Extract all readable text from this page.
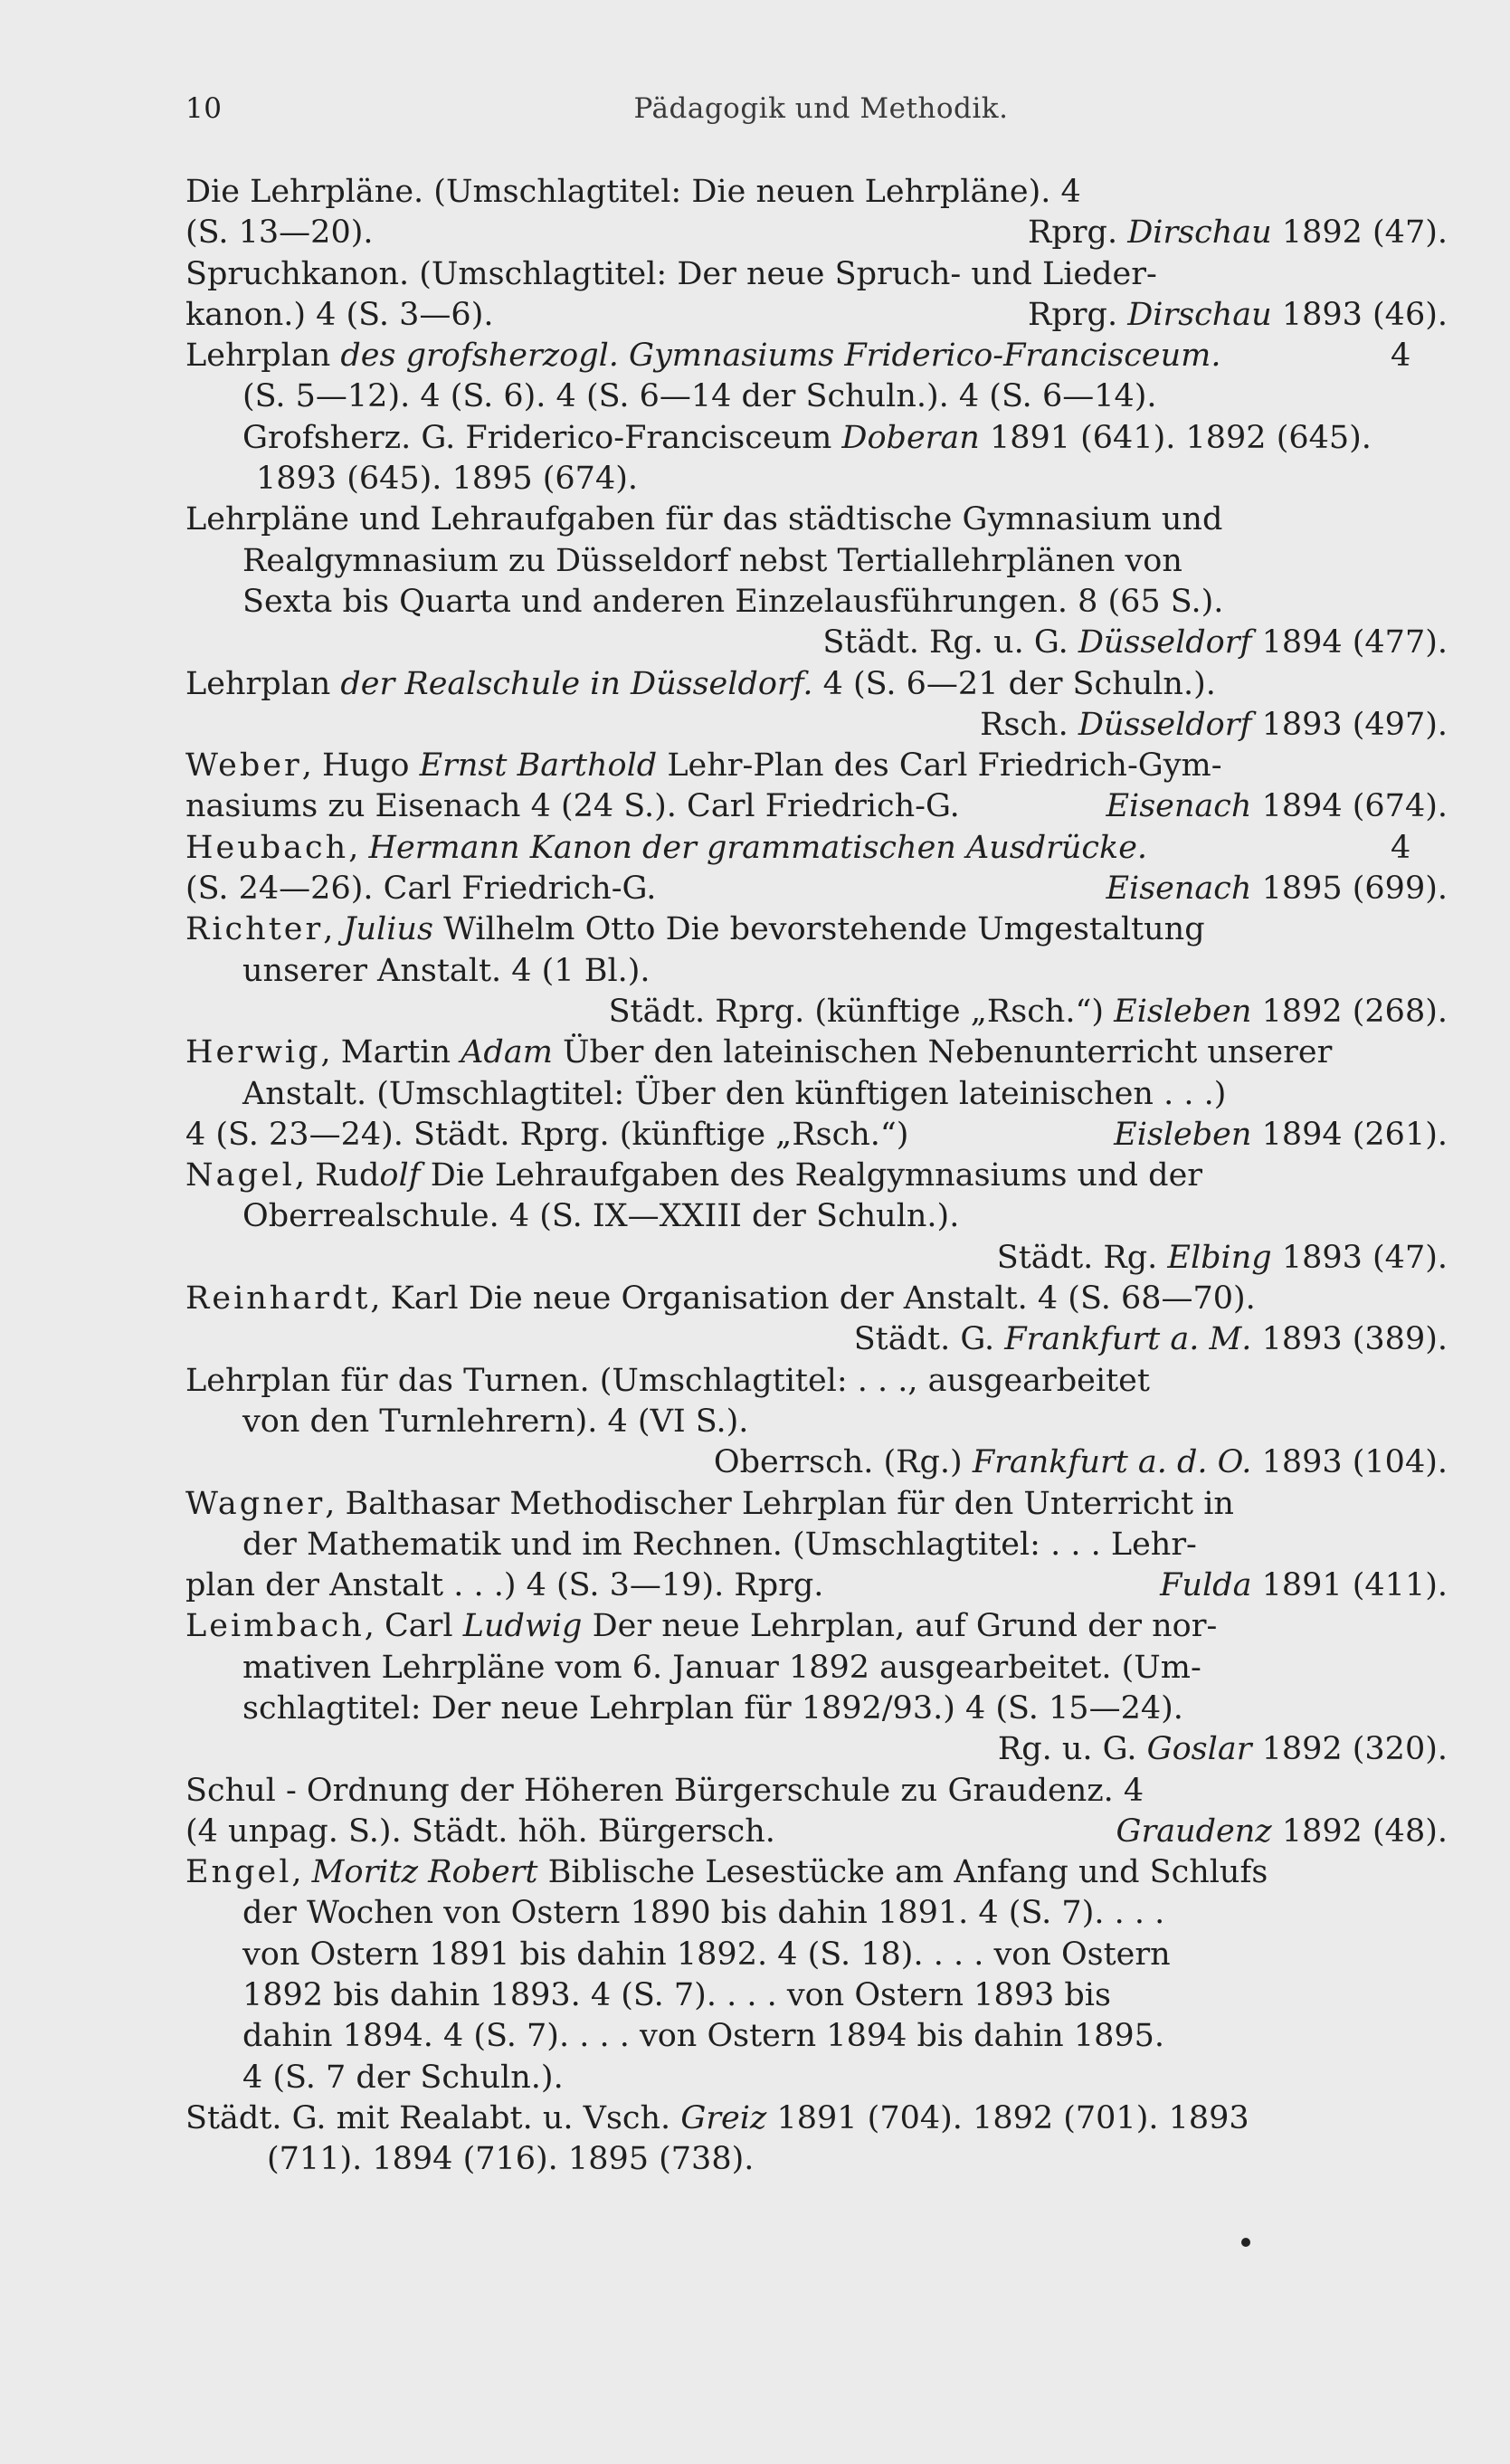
10	Pädagogik und Methodik.
Die Lehrpläne. (Umschlagtitel: Die neuen Lehrpläne). 4

(S. 13—20).	Rprg. Dirschau 1892 (47).
Spruchkanon. (Umschlagtitel: Der neue Spruch- und Lieder-

kanon.) 4 (S. 3—6).	Rprg. Dirschau 1893 (46).
Lehrplan des grofsherzogl. Gymnasiums Friderico-Franciscеum.	4
(S. 5—12). 4 (S. 6). 4 (S. 6—14 der Schuln.). 4 (S. 6—14).
Grofsherz. G. Friderico-Francisceum Doberan 1891 (641). 1892 (645).
1893 (645). 1895 (674).
Lehrpläne und Lehraufgaben für das städtische Gymnasium und
Realgymnasium zu Düsseldorf nebst Tertiallehrplänen von
Sexta bis Quarta und anderen Einzelausführungen. 8 (65 S.).
Städt. Rg. u. G. Düsseldorf 1894 (477).
Lehrplan der Realschule in Düsseldorf. 4 (S. 6—21 der Schuln.).
Rsch. Düsseldorf 1893 (497).
Weber, Hugo Ernst Barthold Lehr-Plan des Carl Friedrich-Gym-

nasiums zu Eisenach 4 (24 S.). Carl Friedrich-G.	Eisenach 1894 (674).
Heubach, Hermann Kanon der grammatischen Ausdrücke.	4
(S. 24—26). Carl Friedrich-G.	Eisenach 1895 (699).
Richter, Julius Wilhelm Otto Die bevorstehende Umgestaltung
unserer Anstalt. 4 (1 Bl.).
Städt. Rprg. (künftige „Rsch.“) Eisleben 1892 (268).
Herwig, Martin Adam Über den lateinischen Nebenunterricht unserer
Anstalt. (Umschlagtitel: Über den künftigen lateinischen . . .)

4 (S. 23—24). Städt. Rprg. (künftige „Rsch.“)	Eisleben 1894 (261).
Nagel, Rudolf Die Lehraufgaben des Realgymnasiums und der
Oberrealschule. 4 (S. IX—XXIII der Schuln.).
Städt. Rg. Elbing 1893 (47).
Reinhardt, Karl Die neue Organisation der Anstalt. 4 (S. 68—70).
Städt. G. Frankfurt a. M. 1893 (389).
Lehrplan für das Turnen. (Umschlagtitel: . . ., ausgearbeitet
von den Turnlehrern). 4 (VI S.).
Oberrsch. (Rg.) Frankfurt a. d. O. 1893 (104).
Wagner, Balthasar Methodischer Lehrplan für den Unterricht in
der Mathematik und im Rechnen. (Umschlagtitel: . . . Lehr-

plan der Anstalt . . .) 4 (S. 3—19). Rprg.	Fulda 1891 (411).
Leimbach, Carl Ludwig Der neue Lehrplan, auf Grund der nor-
mativen Lehrpläne vom 6. Januar 1892 ausgearbeitet. (Um-
schlagtitel: Der neue Lehrplan für 1892/93.) 4 (S. 15—24).
Rg. u. G. Goslar 1892 (320).
Schul - Ordnung der Höheren Bürgerschule zu Graudenz. 4

(4 unpag. S.). Städt. höh. Bürgersch.	Graudenz 1892 (48).
Engel, Moritz Robert Biblische Lesestücke am Anfang und Schlufs
der Wochen von Ostern 1890 bis dahin 1891. 4 (S. 7). . . .
von Ostern 1891 bis dahin 1892. 4 (S. 18). . . . von Ostern
1892 bis dahin 1893. 4 (S. 7). . . . von Ostern 1893 bis
dahin 1894. 4 (S. 7). . . . von Ostern 1894 bis dahin 1895.
4 (S. 7 der Schuln.).

Städt. G. mit Realabt. u. Vsch. Greiz 1891 (704). 1892 (701). 1893
(711). 1894 (716). 1895 (738).
